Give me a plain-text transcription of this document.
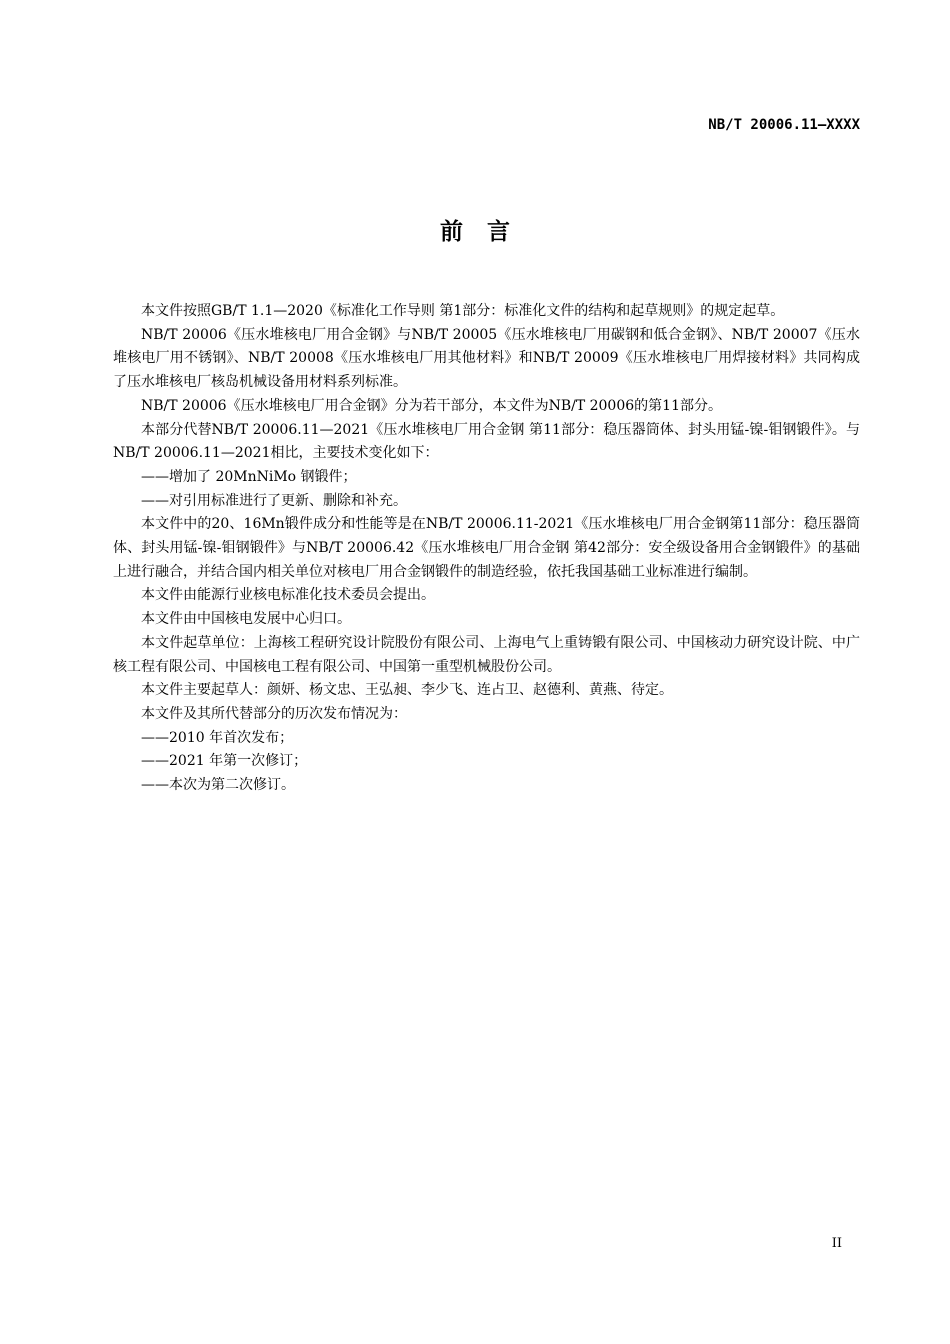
NB/T 20006.11—XXXX
前言

本文件按照GB/T 1.1—2020《标准化工作导则 第1部分：标准化文件的结构和起草规则》的规定起草。

NB/T 20006《压水堆核电厂用合金钢》与NB/T 20005《压水堆核电厂用碳钢和低合金钢》、NB/T 20007《压水堆核电厂用不锈钢》、NB/T 20008《压水堆核电厂用其他材料》和NB/T 20009《压水堆核电厂用焊接材料》共同构成了压水堆核电厂核岛机械设备用材料系列标准。

NB/T 20006《压水堆核电厂用合金钢》分为若干部分，本文件为NB/T 20006的第11部分。

本部分代替NB/T 20006.11—2021《压水堆核电厂用合金钢 第11部分：稳压器筒体、封头用锰-镍-钼钢锻件》。与NB/T 20006.11—2021相比，主要技术变化如下：

——增加了 20MnNiMo 钢锻件；

——对引用标准进行了更新、删除和补充。

本文件中的20、16Mn锻件成分和性能等是在NB/T 20006.11-2021《压水堆核电厂用合金钢第11部分：稳压器筒体、封头用锰-镍-钼钢锻件》与NB/T 20006.42《压水堆核电厂用合金钢 第42部分：安全级设备用合金钢锻件》的基础上进行融合，并结合国内相关单位对核电厂用合金钢锻件的制造经验，依托我国基础工业标准进行编制。

本文件由能源行业核电标准化技术委员会提出。

本文件由中国核电发展中心归口。

本文件起草单位：上海核工程研究设计院股份有限公司、上海电气上重铸锻有限公司、中国核动力研究设计院、中广核工程有限公司、中国核电工程有限公司、中国第一重型机械股份公司。

本文件主要起草人：颜妍、杨文忠、王弘昶、李少飞、连占卫、赵德利、黄燕、待定。

本文件及其所代替部分的历次发布情况为：

——2010 年首次发布；

——2021 年第一次修订；

——本次为第二次修订。

II
